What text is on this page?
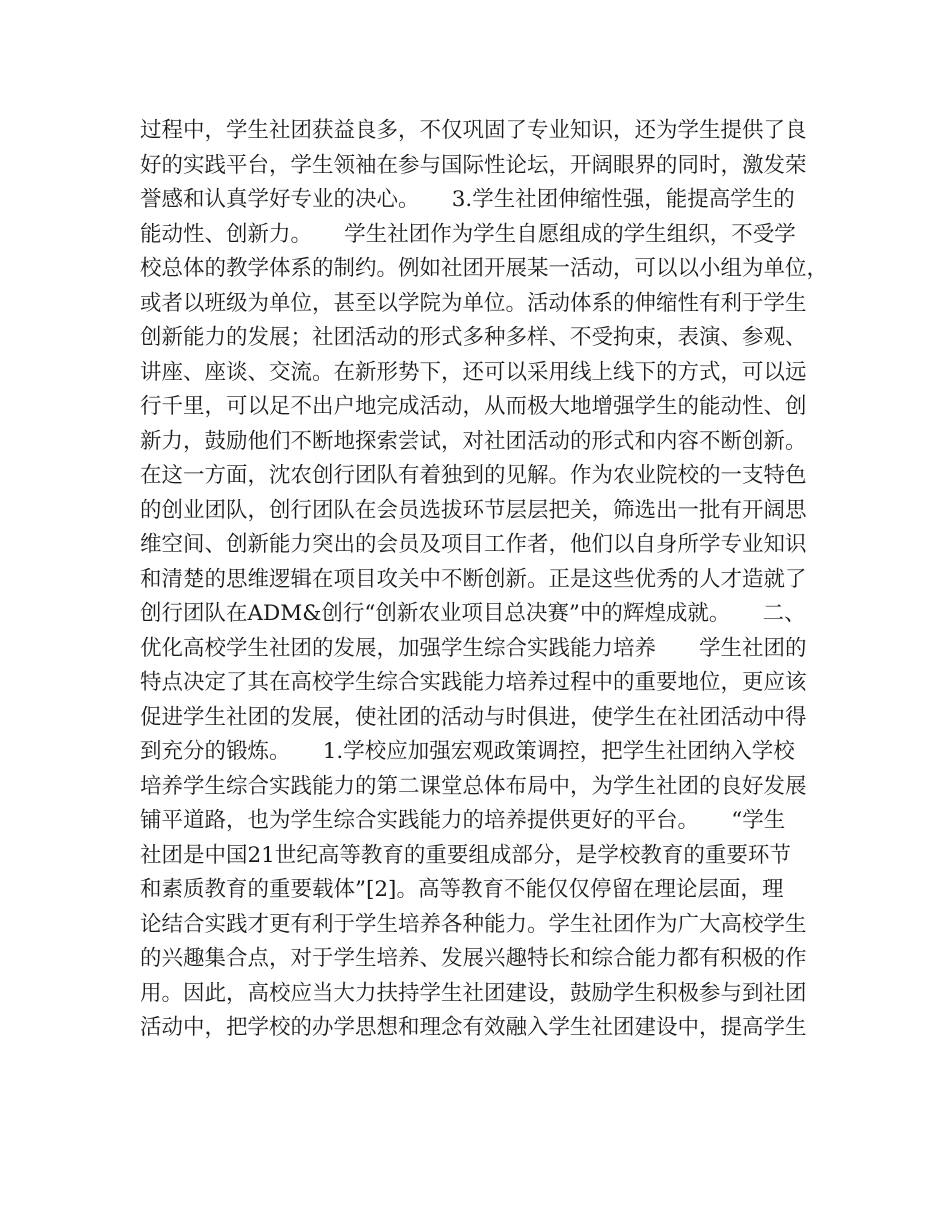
过程中，学生社团获益良多，不仅巩固了专业知识，还为学生提供了良
好的实践平台，学生领袖在参与国际性论坛，开阔眼界的同时，激发荣
誉感和认真学好专业的决心。　　3.学生社团伸缩性强，能提高学生的
能动性、创新力。　　学生社团作为学生自愿组成的学生组织，不受学
校总体的教学体系的制约。例如社团开展某一活动，可以以小组为单位，
或者以班级为单位，甚至以学院为单位。活动体系的伸缩性有利于学生
创新能力的发展；社团活动的形式多种多样、不受拘束，表演、参观、
讲座、座谈、交流。在新形势下，还可以采用线上线下的方式，可以远
行千里，可以足不出户地完成活动，从而极大地增强学生的能动性、创
新力，鼓励他们不断地探索尝试，对社团活动的形式和内容不断创新。
在这一方面，沈农创行团队有着独到的见解。作为农业院校的一支特色
的创业团队，创行团队在会员选拔环节层层把关，筛选出一批有开阔思
维空间、创新能力突出的会员及项目工作者，他们以自身所学专业知识
和清楚的思维逻辑在项目攻关中不断创新。正是这些优秀的人才造就了
创行团队在ADM&创行“创新农业项目总决赛”中的辉煌成就。　　二、
优化高校学生社团的发展，加强学生综合实践能力培养　　学生社团的
特点决定了其在高校学生综合实践能力培养过程中的重要地位，更应该
促进学生社团的发展，使社团的活动与时俱进，使学生在社团活动中得
到充分的锻炼。　　1.学校应加强宏观政策调控，把学生社团纳入学校
培养学生综合实践能力的第二课堂总体布局中，为学生社团的良好发展
铺平道路，也为学生综合实践能力的培养提供更好的平台。　　“学生
社团是中国21世纪高等教育的重要组成部分，是学校教育的重要环节
和素质教育的重要载体”[2]。高等教育不能仅仅停留在理论层面，理
论结合实践才更有利于学生培养各种能力。学生社团作为广大高校学生
的兴趣集合点，对于学生培养、发展兴趣特长和综合能力都有积极的作
用。因此，高校应当大力扶持学生社团建设，鼓励学生积极参与到社团
活动中，把学校的办学思想和理念有效融入学生社团建设中，提高学生
